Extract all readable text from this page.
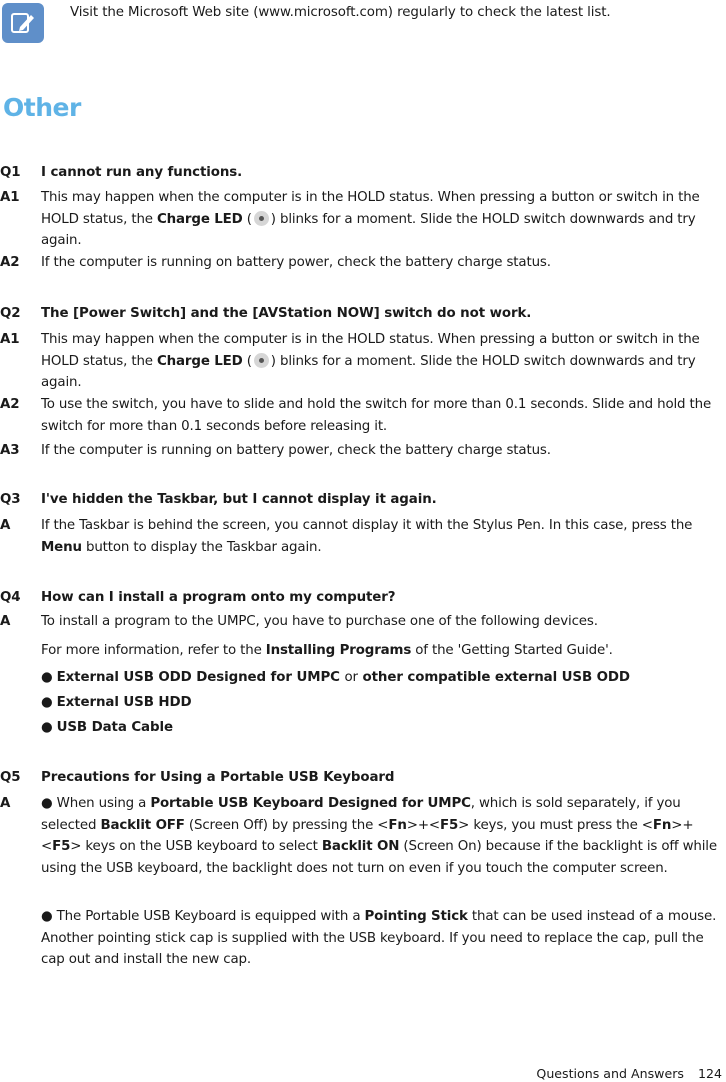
Visit the Microsoft Web site (www.microsoft.com) regularly to check the latest list.
Other
Q1 I cannot run any functions.
A1 This may happen when the computer is in the HOLD status. When pressing a button or switch in the HOLD status, the Charge LED ( ) blinks for a moment. Slide the HOLD switch downwards and try again.
A2 If the computer is running on battery power, check the battery charge status.
Q2 The [Power Switch] and the [AVStation NOW] switch do not work.
A1 This may happen when the computer is in the HOLD status. When pressing a button or switch in the HOLD status, the Charge LED ( ) blinks for a moment. Slide the HOLD switch downwards and try again.
A2 To use the switch, you have to slide and hold the switch for more than 0.1 seconds. Slide and hold the switch for more than 0.1 seconds before releasing it.
A3 If the computer is running on battery power, check the battery charge status.
Q3 I've hidden the Taskbar, but I cannot display it again.
A If the Taskbar is behind the screen, you cannot display it with the Stylus Pen. In this case, press the Menu button to display the Taskbar again.
Q4 How can I install a program onto my computer?
A To install a program to the UMPC, you have to purchase one of the following devices.
For more information, refer to the Installing Programs of the 'Getting Started Guide'.
● External USB ODD Designed for UMPC or other compatible external USB ODD
● External USB HDD
● USB Data Cable
Q5 Precautions for Using a Portable USB Keyboard
A ● When using a Portable USB Keyboard Designed for UMPC, which is sold separately, if you selected Backlit OFF (Screen Off) by pressing the <Fn>+<F5> keys, you must press the <Fn>+<F5> keys on the USB keyboard to select Backlit ON (Screen On) because if the backlight is off while using the USB keyboard, the backlight does not turn on even if you touch the computer screen.
● The Portable USB Keyboard is equipped with a Pointing Stick that can be used instead of a mouse. Another pointing stick cap is supplied with the USB keyboard. If you need to replace the cap, pull the cap out and install the new cap.
Questions and Answers 124
